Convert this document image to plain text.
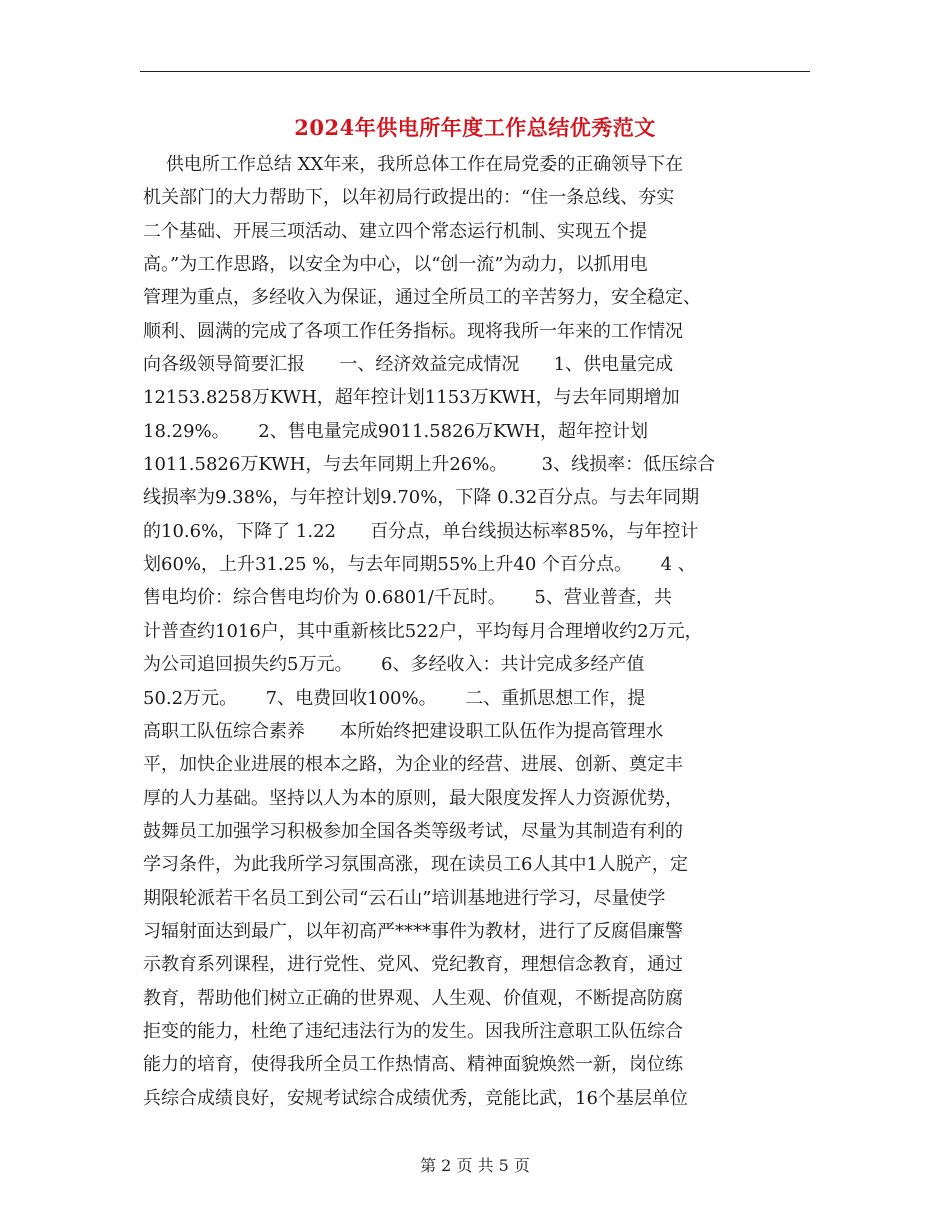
2024年供电所年度工作总结优秀范文
供电所工作总结 XX年来，我所总体工作在局党委的正确领导下在
机关部门的大力帮助下，以年初局行政提出的：“住一条总线、夯实
二个基础、开展三项活动、建立四个常态运行机制、实现五个提
高。”为工作思路，以安全为中心，以“创一流”为动力，以抓用电
管理为重点，多经收入为保证，通过全所员工的辛苦努力，安全稳定、
顺利、圆满的完成了各项工作任务指标。现将我所一年来的工作情况
向各级领导简要汇报      一、经济效益完成情况      1、供电量完成
12153.8258万KWH，超年控计划1153万KWH，与去年同期增加
18.29%。     2、售电量完成9011.5826万KWH，超年控计划
1011.5826万KWH，与去年同期上升26%。      3、线损率：低压综合
线损率为9.38%，与年控计划9.70%，下降 0.32百分点。与去年同期
的10.6%，下降了 1.22      百分点，单台线损达标率85%，与年控计
划60%，上升31.25 %，与去年同期55%上升40 个百分点。     4 、
售电均价：综合售电均价为 0.6801/千瓦时。     5、营业普查，共
计普查约1016户，其中重新核比522户，平均每月合理增收约2万元，
为公司追回损失约5万元。     6、多经收入：共计完成多经产值
50.2万元。     7、电费回收100%。     二、重抓思想工作，提
高职工队伍综合素养      本所始终把建设职工队伍作为提高管理水
平，加快企业进展的根本之路，为企业的经营、进展、创新、奠定丰
厚的人力基础。坚持以人为本的原则，最大限度发挥人力资源优势，
鼓舞员工加强学习积极参加全国各类等级考试，尽量为其制造有利的
学习条件，为此我所学习氛围高涨，现在读员工6人其中1人脱产，定
期限轮派若干名员工到公司“云石山”培训基地进行学习，尽量使学
习辐射面达到最广，以年初高严****事件为教材，进行了反腐倡廉警
示教育系列课程，进行党性、党风、党纪教育，理想信念教育，通过
教育，帮助他们树立正确的世界观、人生观、价值观，不断提高防腐
拒变的能力，杜绝了违纪违法行为的发生。因我所注意职工队伍综合
能力的培育，使得我所全员工作热情高、精神面貌焕然一新，岗位练
兵综合成绩良好，安规考试综合成绩优秀，竞能比武，16个基层单位
第 2 页 共 5 页
